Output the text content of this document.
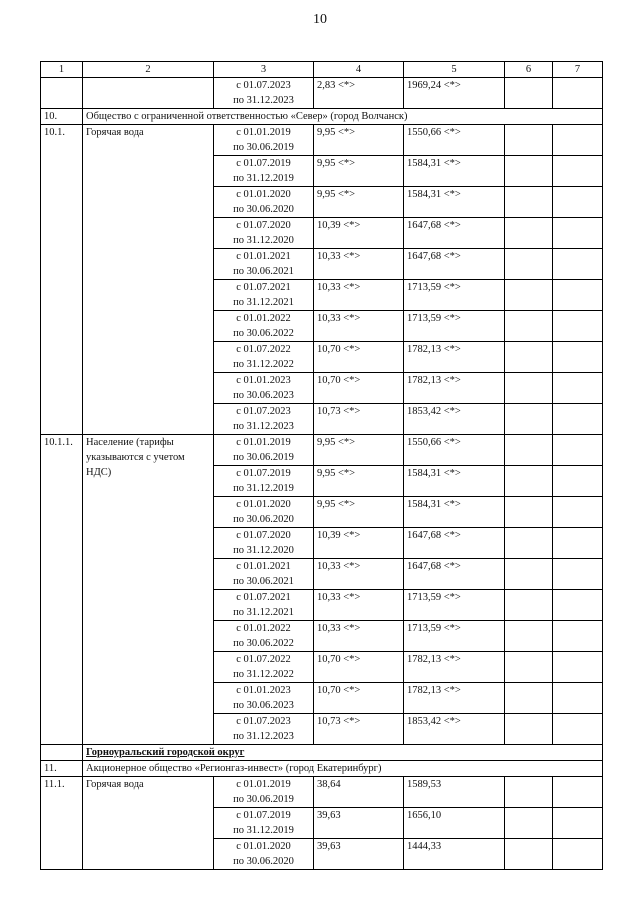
10
1	2	3	4	5	6	7

		с 01.07.2023
по 31.12.2023	2,83 <*>	1969,24 <*>		
10.	Общество с ограниченной ответственностью «Север» (город Волчанск)					
10.1.	Горячая вода	с 01.01.2019
по 30.06.2019	9,95 <*>	1550,66 <*>		

		с 01.07.2019
по 31.12.2019	9,95 <*>	1584,31 <*>		

		с 01.01.2020
по 30.06.2020	9,95 <*>	1584,31 <*>		

		с 01.07.2020
по 31.12.2020	10,39 <*>	1647,68 <*>		

		с 01.01.2021
по 30.06.2021	10,33 <*>	1647,68 <*>		

		с 01.07.2021
по 31.12.2021	10,33 <*>	1713,59 <*>		

		с 01.01.2022
по 30.06.2022	10,33 <*>	1713,59 <*>		

		с 01.07.2022
по 31.12.2022	10,70 <*>	1782,13 <*>		

		с 01.01.2023
по 30.06.2023	10,70 <*>	1782,13 <*>		

		с 01.07.2023
по 31.12.2023	10,73 <*>	1853,42 <*>		
10.1.1.	Население (тарифы указываются с учетом НДС)	с 01.01.2019
по 30.06.2019	9,95 <*>	1550,66 <*>		

		с 01.07.2019
по 31.12.2019	9,95 <*>	1584,31 <*>		

		с 01.01.2020
по 30.06.2020	9,95 <*>	1584,31 <*>		

		с 01.07.2020
по 31.12.2020	10,39 <*>	1647,68 <*>		

		с 01.01.2021
по 30.06.2021	10,33 <*>	1647,68 <*>		

		с 01.07.2021
по 31.12.2021	10,33 <*>	1713,59 <*>		

		с 01.01.2022
по 30.06.2022	10,33 <*>	1713,59 <*>		

		с 01.07.2022
по 31.12.2022	10,70 <*>	1782,13 <*>		

		с 01.01.2023
по 30.06.2023	10,70 <*>	1782,13 <*>		

		с 01.07.2023
по 31.12.2023	10,73 <*>	1853,42 <*>		
	Горноуральский городской округ					
11.	Акционерное общество «Регионгаз-инвест» (город Екатеринбург)					
11.1.	Горячая вода	с 01.01.2019
по 30.06.2019	38,64	1589,53		

		с 01.07.2019
по 31.12.2019	39,63	1656,10		

		с 01.01.2020
по 30.06.2020	39,63	1444,33		
